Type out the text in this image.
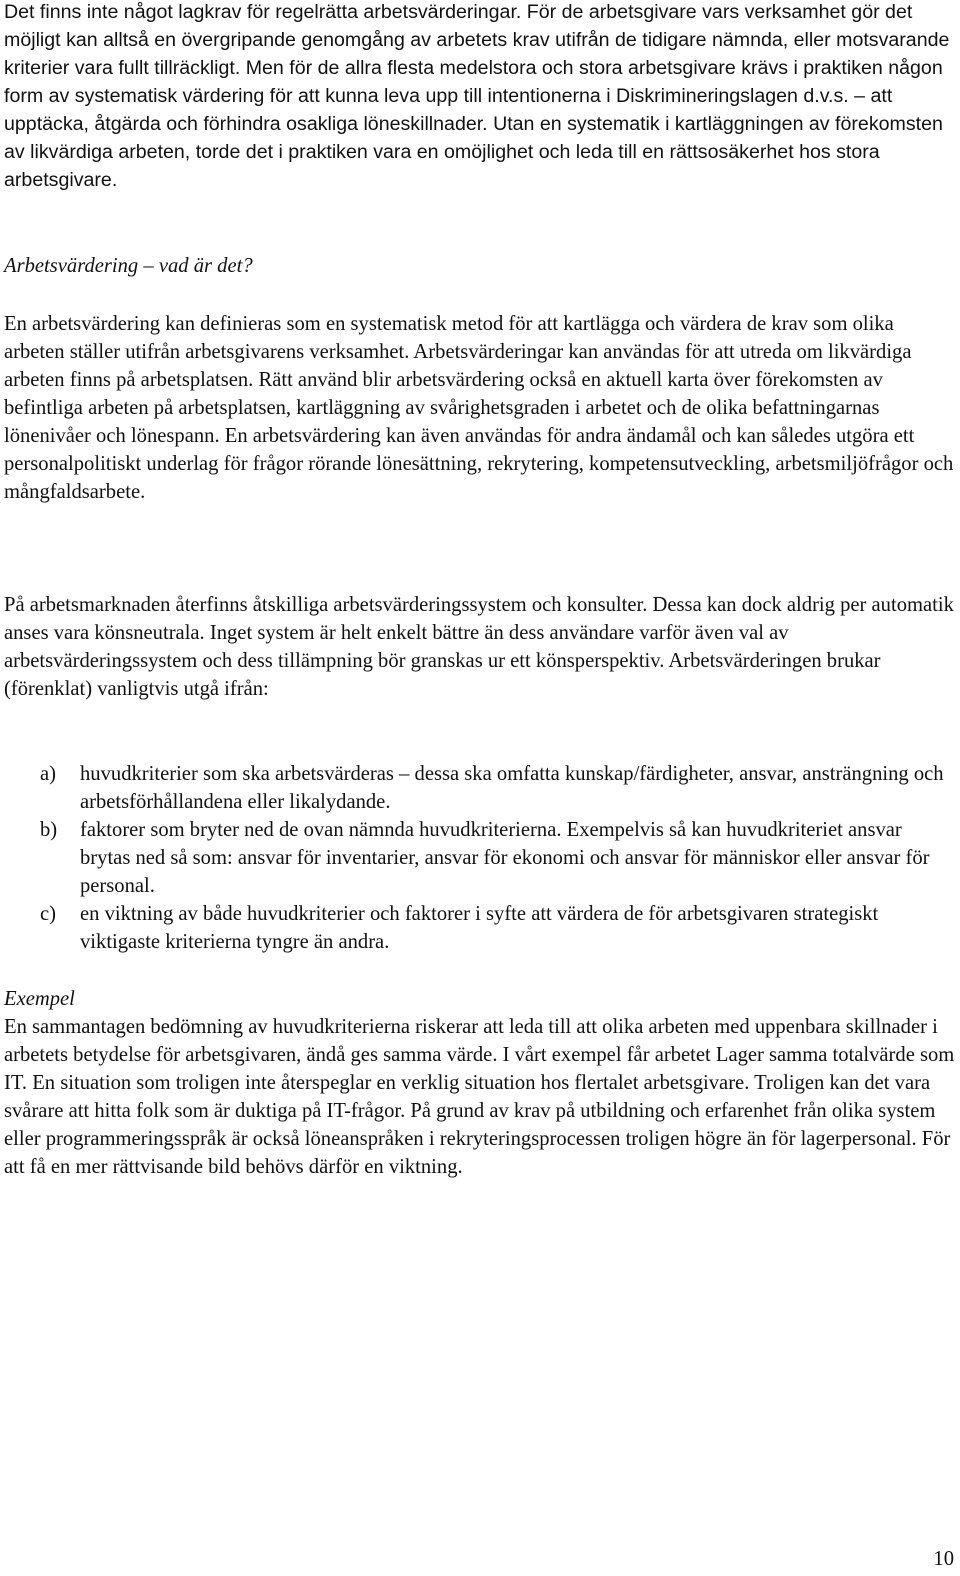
Det finns inte något lagkrav för regelrätta arbetsvärderingar. För de arbetsgivare vars verksamhet gör det möjligt kan alltså en övergripande genomgång av arbetets krav utifrån de tidigare nämnda, eller motsvarande kriterier vara fullt tillräckligt. Men för de allra flesta medelstora och stora arbetsgivare krävs i praktiken någon form av systematisk värdering för att kunna leva upp till intentionerna i Diskrimineringslagen d.v.s. – att upptäcka, åtgärda och förhindra osakliga löneskillnader. Utan en systematik i kartläggningen av förekomsten av likvärdiga arbeten, torde det i praktiken vara en omöjlighet och leda till en rättsosäkerhet hos stora arbetsgivare.

Arbetsvärdering – vad är det?

En arbetsvärdering kan definieras som en systematisk metod för att kartlägga och värdera de krav som olika arbeten ställer utifrån arbetsgivarens verksamhet. Arbetsvärderingar kan användas för att utreda om likvärdiga arbeten finns på arbetsplatsen. Rätt använd blir arbetsvärdering också en aktuell karta över förekomsten av befintliga arbeten på arbetsplatsen, kartläggning av svårighetsgraden i arbetet och de olika befattningarnas lönenivåer och lönespann. En arbetsvärdering kan även användas för andra ändamål och kan således utgöra ett personalpolitiskt underlag för frågor rörande lönesättning, rekrytering, kompetensutveckling, arbetsmiljöfrågor och mångfaldsarbete.

På arbetsmarknaden återfinns åtskilliga arbetsvärderingssystem och konsulter. Dessa kan dock aldrig per automatik anses vara könsneutrala. Inget system är helt enkelt bättre än dess användare varför även val av arbetsvärderingssystem och dess tillämpning bör granskas ur ett könsperspektiv. Arbetsvärderingen brukar (förenklat) vanligtvis utgå ifrån:

a) huvudkriterier som ska arbetsvärderas – dessa ska omfatta kunskap/färdigheter, ansvar, ansträngning och arbetsförhållandena eller likalydande.
b) faktorer som bryter ned de ovan nämnda huvudkriterierna. Exempelvis så kan huvudkriteriet ansvar brytas ned så som: ansvar för inventarier, ansvar för ekonomi och ansvar för människor eller ansvar för personal.
c) en viktning av både huvudkriterier och faktorer i syfte att värdera de för arbetsgivaren strategiskt viktigaste kriterierna tyngre än andra.

Exempel

En sammantagen bedömning av huvudkriterierna riskerar att leda till att olika arbeten med uppenbara skillnader i arbetets betydelse för arbetsgivaren, ändå ges samma värde. I vårt exempel får arbetet Lager samma totalvärde som IT. En situation som troligen inte återspeglar en verklig situation hos flertalet arbetsgivare. Troligen kan det vara svårare att hitta folk som är duktiga på IT-frågor. På grund av krav på utbildning och erfarenhet från olika system eller programmeringsspråk är också löneanspråken i rekryteringsprocessen troligen högre än för lagerpersonal. För att få en mer rättvisande bild behövs därför en viktning.

10
